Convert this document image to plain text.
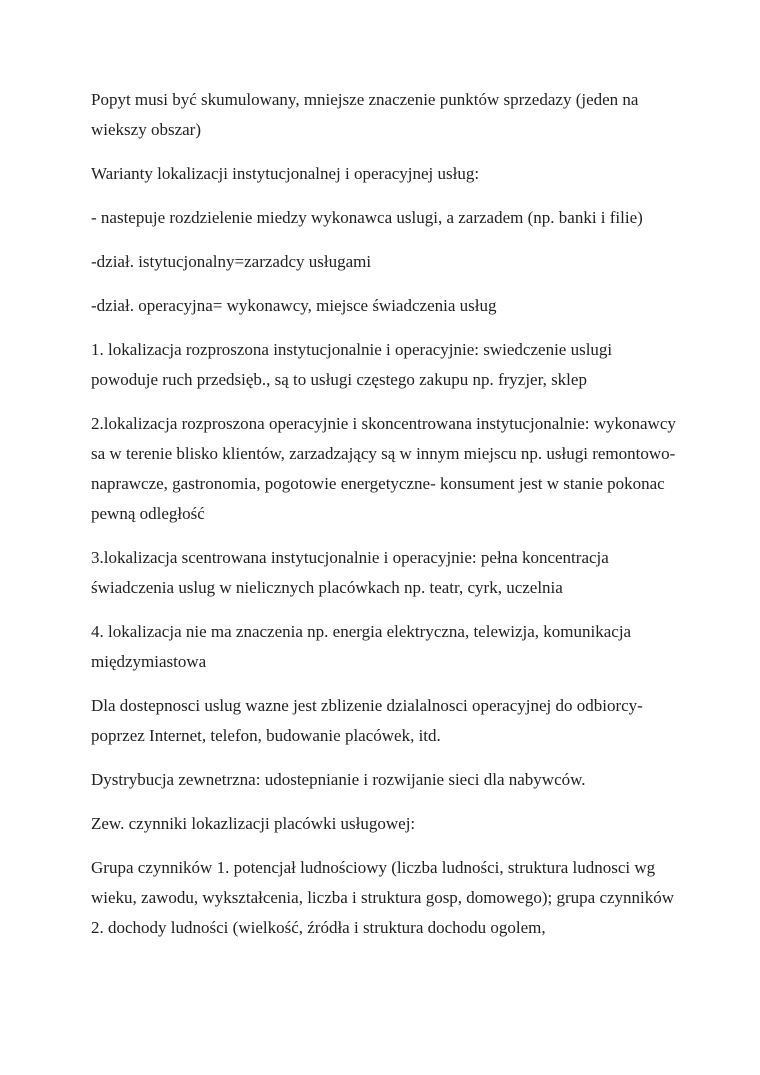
Popyt musi być skumulowany, mniejsze znaczenie punktów sprzedazy (jeden na wiekszy obszar)

Warianty lokalizacji instytucjonalnej i operacyjnej usług:

- nastepuje rozdzielenie miedzy wykonawca uslugi, a zarzadem (np. banki i filie)

-dział. istytucjonalny=zarzadcy usługami

-dział. operacyjna= wykonawcy, miejsce świadczenia usług

1. lokalizacja rozproszona instytucjonalnie i operacyjnie: swiedczenie uslugi powoduje ruch przedsięb., są to usługi częstego zakupu np. fryzjer, sklep

2.lokalizacja rozproszona operacyjnie i skoncentrowana instytucjonalnie: wykonawcy sa w terenie blisko klientów, zarzadzający są w innym miejscu np. usługi remontowo-naprawcze, gastronomia, pogotowie energetyczne- konsument jest w stanie pokonac pewną odległość

3.lokalizacja scentrowana instytucjonalnie i operacyjnie: pełna koncentracja świadczenia uslug w nielicznych placówkach np. teatr, cyrk, uczelnia

4. lokalizacja nie ma znaczenia np. energia elektryczna, telewizja, komunikacja międzymiastowa

Dla dostepnosci uslug wazne jest zblizenie dzialalnosci operacyjnej do odbiorcy- poprzez Internet, telefon, budowanie placówek, itd.

Dystrybucja zewnetrzna: udostepnianie i rozwijanie sieci dla nabywców.

Zew. czynniki lokazlizacji placówki usługowej:

Grupa czynników 1. potencjał ludnościowy (liczba ludności, struktura ludnosci wg wieku, zawodu, wykształcenia, liczba i struktura gosp, domowego); grupa czynników 2. dochody ludności (wielkość, źródła i struktura dochodu ogolem,
